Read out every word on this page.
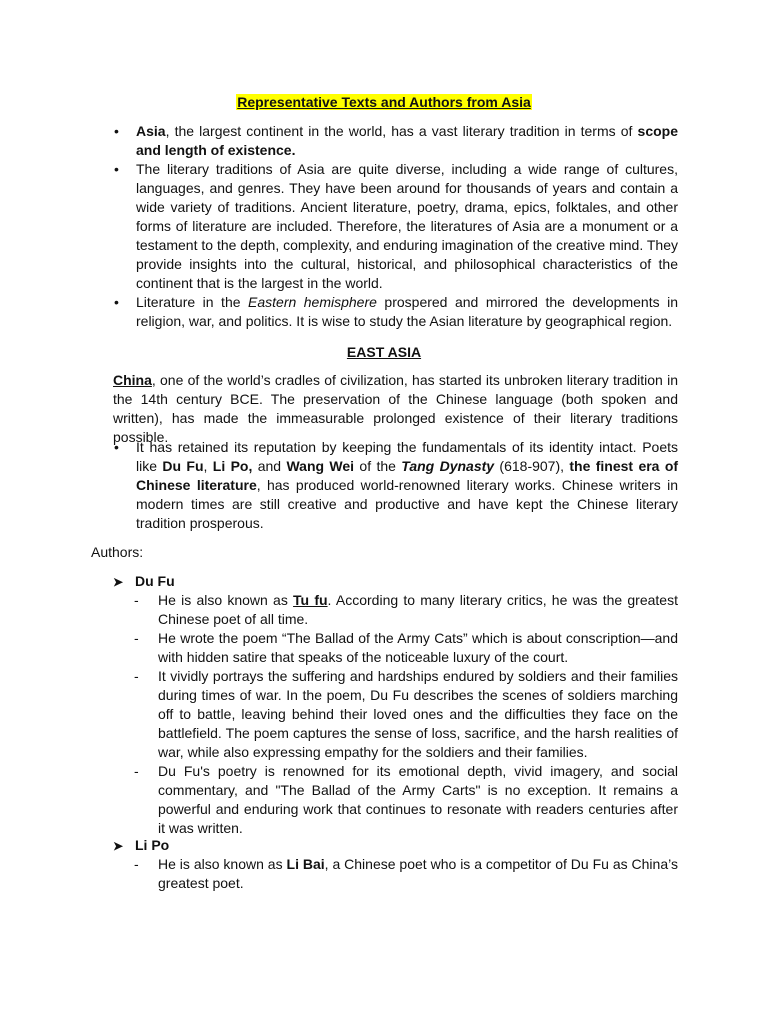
Representative Texts and Authors from Asia
• Asia, the largest continent in the world, has a vast literary tradition in terms of scope and length of existence.
• The literary traditions of Asia are quite diverse, including a wide range of cultures, languages, and genres. They have been around for thousands of years and contain a wide variety of traditions. Ancient literature, poetry, drama, epics, folktales, and other forms of literature are included. Therefore, the literatures of Asia are a monument or a testament to the depth, complexity, and enduring imagination of the creative mind. They provide insights into the cultural, historical, and philosophical characteristics of the continent that is the largest in the world.
• Literature in the Eastern hemisphere prospered and mirrored the developments in religion, war, and politics. It is wise to study the Asian literature by geographical region.
EAST ASIA

China, one of the world’s cradles of civilization, has started its unbroken literary tradition in the 14th century BCE. The preservation of the Chinese language (both spoken and written), has made the immeasurable prolonged existence of their literary traditions possible.

• It has retained its reputation by keeping the fundamentals of its identity intact. Poets like Du Fu, Li Po, and Wang Wei of the Tang Dynasty (618-907), the finest era of Chinese literature, has produced world-renowned literary works. Chinese writers in modern times are still creative and productive and have kept the Chinese literary tradition prosperous.

Authors:

➤ Du Fu

- He is also known as Tu fu. According to many literary critics, he was the greatest Chinese poet of all time.
- He wrote the poem “The Ballad of the Army Cats” which is about conscription—and with hidden satire that speaks of the noticeable luxury of the court.
- It vividly portrays the suffering and hardships endured by soldiers and their families during times of war. In the poem, Du Fu describes the scenes of soldiers marching off to battle, leaving behind their loved ones and the difficulties they face on the battlefield. The poem captures the sense of loss, sacrifice, and the harsh realities of war, while also expressing empathy for the soldiers and their families.
- Du Fu's poetry is renowned for its emotional depth, vivid imagery, and social commentary, and "The Ballad of the Army Carts" is no exception. It remains a powerful and enduring work that continues to resonate with readers centuries after it was written.

➤ Li Po

- He is also known as Li Bai, a Chinese poet who is a competitor of Du Fu as China’s greatest poet.
